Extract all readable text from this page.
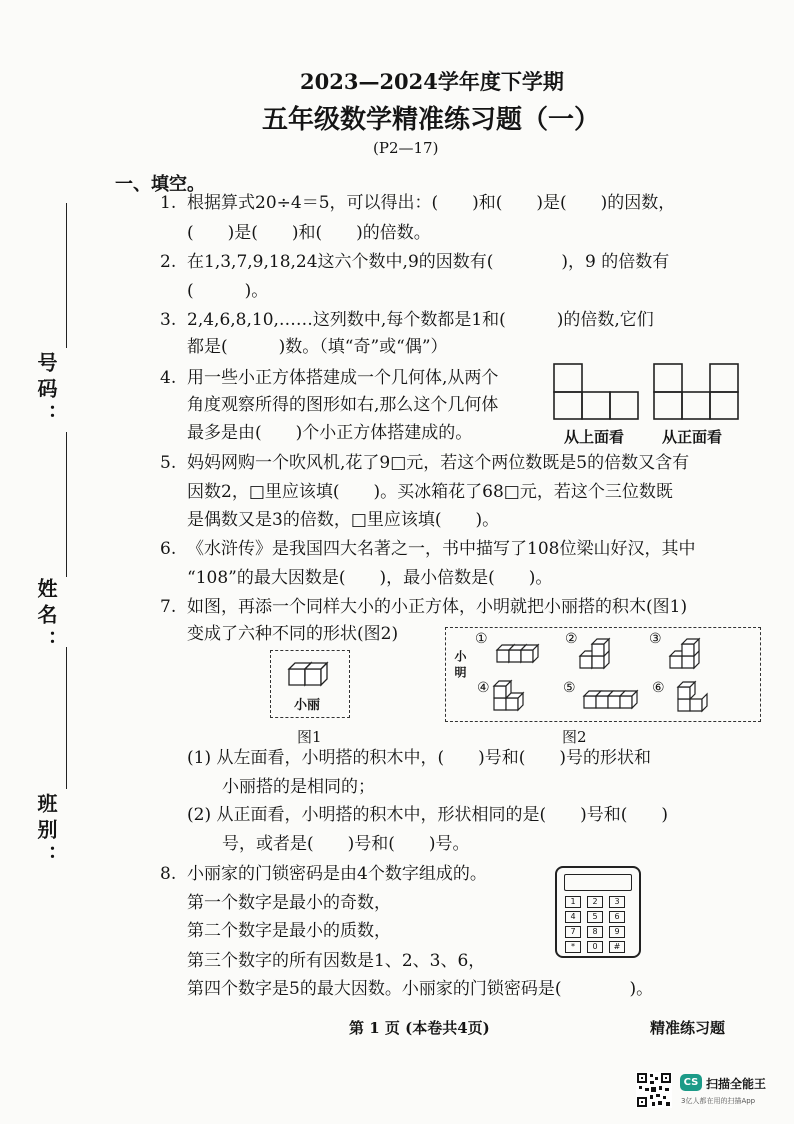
2023—2024学年度下学期
五年级数学精准练习题（一）
(P2—17)
号码：
姓名：
班别：
一、填空。
1. 根据算式20÷4＝5，可以得出：(　　)和(　　)是(　　)的因数，
(　　)是(　　)和(　　)的倍数。
2. 在1,3,7,9,18,24这六个数中,9的因数有(　　　　)，9 的倍数有
(　　　)。
3. 2,4,6,8,10,……这列数中,每个数都是1和(　　　)的倍数,它们
都是(　　　)数。（填“奇”或“偶”）
4. 用一些小正方体搭建成一个几何体,从两个
角度观察所得的图形如右,那么这个几何体
最多是由(　　)个小正方体搭建成的。	从上面看	从正面看
5. 妈妈网购一个吹风机,花了9□元，若这个两位数既是5的倍数又含有
因数2，□里应该填(　　)。买冰箱花了68□元，若这个三位数既
是偶数又是3的倍数，□里应该填(　　)。
6. 《水浒传》是我国四大名著之一，书中描写了108位梁山好汉，其中
“108”的最大因数是(　　)，最小倍数是(　　)。
7. 如图，再添一个同样大小的小正方体，小明就把小丽搭的积木(图1)
变成了六种不同的形状(图2)
小丽
图1
小明
①	②	③
④	⑤	⑥
图2
(1) 从左面看，小明搭的积木中，(　　)号和(　　)号的形状和
小丽搭的是相同的；
(2) 从正面看，小明搭的积木中，形状相同的是(　　)号和(　　)
号，或者是(　　)号和(　　)号。
8. 小丽家的门锁密码是由4个数字组成的。
第一个数字是最小的奇数，
第二个数字是最小的质数，
第三个数字的所有因数是1、2、3、6，
第四个数字是5的最大因数。小丽家的门锁密码是(　　　　)。
1	2	3
4	5	6
7	8	9
*	0	#
第 1 页 (本卷共4页)	精准练习题
CS 扫描全能王
3亿人都在用的扫描App
